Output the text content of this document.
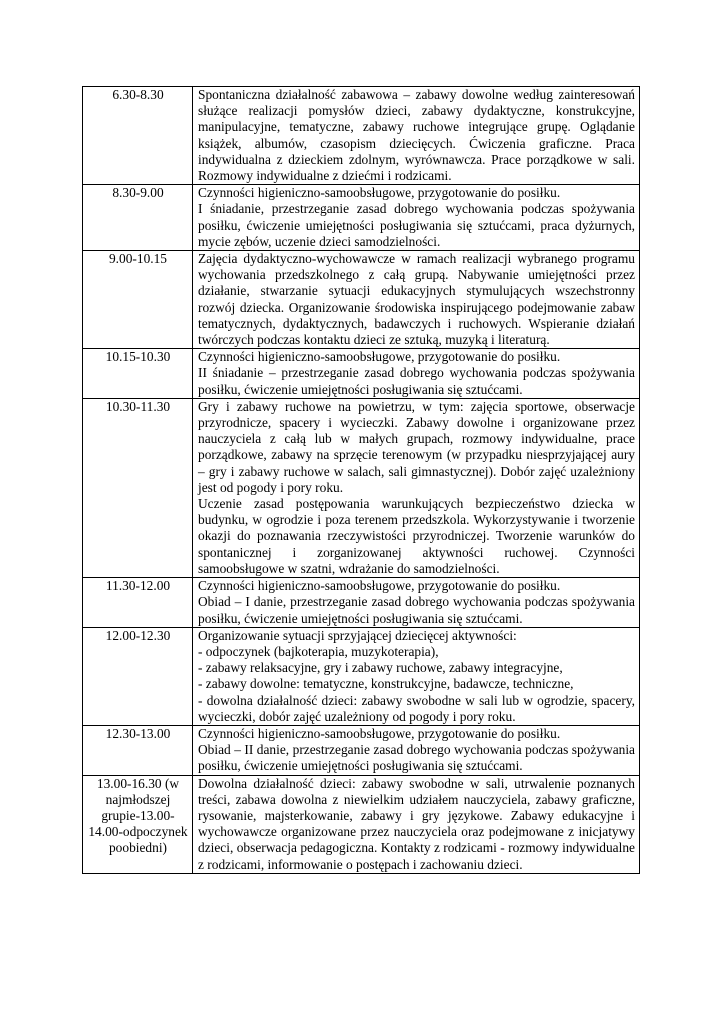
6.30-8.30	Spontaniczna działalność zabawowa – zabawy dowolne według zainteresowań służące realizacji pomysłów dzieci, zabawy dydaktyczne, konstrukcyjne, manipulacyjne, tematyczne, zabawy ruchowe integrujące grupę. Oglądanie książek, albumów, czasopism dziecięcych. Ćwiczenia graficzne. Praca indywidualna z dzieckiem zdolnym, wyrównawcza. Prace porządkowe w sali. Rozmowy indywidualne z dziećmi i rodzicami.

8.30-9.00	Czynności higieniczno-samoobsługowe, przygotowanie do posiłku.
I śniadanie, przestrzeganie zasad dobrego wychowania podczas spożywania posiłku, ćwiczenie umiejętności posługiwania się sztućcami, praca dyżurnych, mycie zębów, uczenie dzieci samodzielności.

9.00-10.15	Zajęcia dydaktyczno-wychowawcze w ramach realizacji wybranego programu wychowania przedszkolnego z całą grupą. Nabywanie umiejętności przez działanie, stwarzanie sytuacji edukacyjnych stymulujących wszechstronny rozwój dziecka. Organizowanie środowiska inspirującego podejmowanie zabaw tematycznych, dydaktycznych, badawczych i ruchowych. Wspieranie działań twórczych podczas kontaktu dzieci ze sztuką, muzyką i literaturą.

10.15-10.30	Czynności higieniczno-samoobsługowe, przygotowanie do posiłku.
II śniadanie – przestrzeganie zasad dobrego wychowania podczas spożywania posiłku, ćwiczenie umiejętności posługiwania się sztućcami.

10.30-11.30	Gry i zabawy ruchowe na powietrzu, w tym: zajęcia sportowe, obserwacje przyrodnicze, spacery i wycieczki. Zabawy dowolne i organizowane przez nauczyciela z całą lub w małych grupach, rozmowy indywidualne, prace porządkowe, zabawy na sprzęcie terenowym (w przypadku niesprzyjającej aury – gry i zabawy ruchowe w salach, sali gimnastycznej). Dobór zajęć uzależniony jest od pogody i pory roku.
Uczenie zasad postępowania warunkujących bezpieczeństwo dziecka w budynku, w ogrodzie i poza terenem przedszkola. Wykorzystywanie i tworzenie okazji do poznawania rzeczywistości przyrodniczej. Tworzenie warunków do spontanicznej i zorganizowanej aktywności ruchowej. Czynności samoobsługowe w szatni, wdrażanie do samodzielności.

11.30-12.00	Czynności higieniczno-samoobsługowe, przygotowanie do posiłku.
Obiad – I danie, przestrzeganie zasad dobrego wychowania podczas spożywania posiłku, ćwiczenie umiejętności posługiwania się sztućcami.

12.00-12.30	Organizowanie sytuacji sprzyjającej dziecięcej aktywności:
- odpoczynek (bajkoterapia, muzykoterapia),
- zabawy relaksacyjne, gry i zabawy ruchowe, zabawy integracyjne,
- zabawy dowolne: tematyczne, konstrukcyjne, badawcze, techniczne,
- dowolna działalność dzieci: zabawy swobodne w sali lub w ogrodzie, spacery, wycieczki, dobór zajęć uzależniony od pogody i pory roku.

12.30-13.00	Czynności higieniczno-samoobsługowe, przygotowanie do posiłku.
Obiad – II danie, przestrzeganie zasad dobrego wychowania podczas spożywania posiłku, ćwiczenie umiejętności posługiwania się sztućcami.

13.00-16.30 (w najmłodszej grupie-13.00-14.00-odpoczynek poobiedni)	Dowolna działalność dzieci: zabawy swobodne w sali, utrwalenie poznanych treści, zabawa dowolna z niewielkim udziałem nauczyciela, zabawy graficzne, rysowanie, majsterkowanie, zabawy i gry językowe. Zabawy edukacyjne i wychowawcze organizowane przez nauczyciela oraz podejmowane z inicjatywy dzieci, obserwacja pedagogiczna. Kontakty z rodzicami - rozmowy indywidualne z rodzicami, informowanie o postępach i zachowaniu dzieci.
